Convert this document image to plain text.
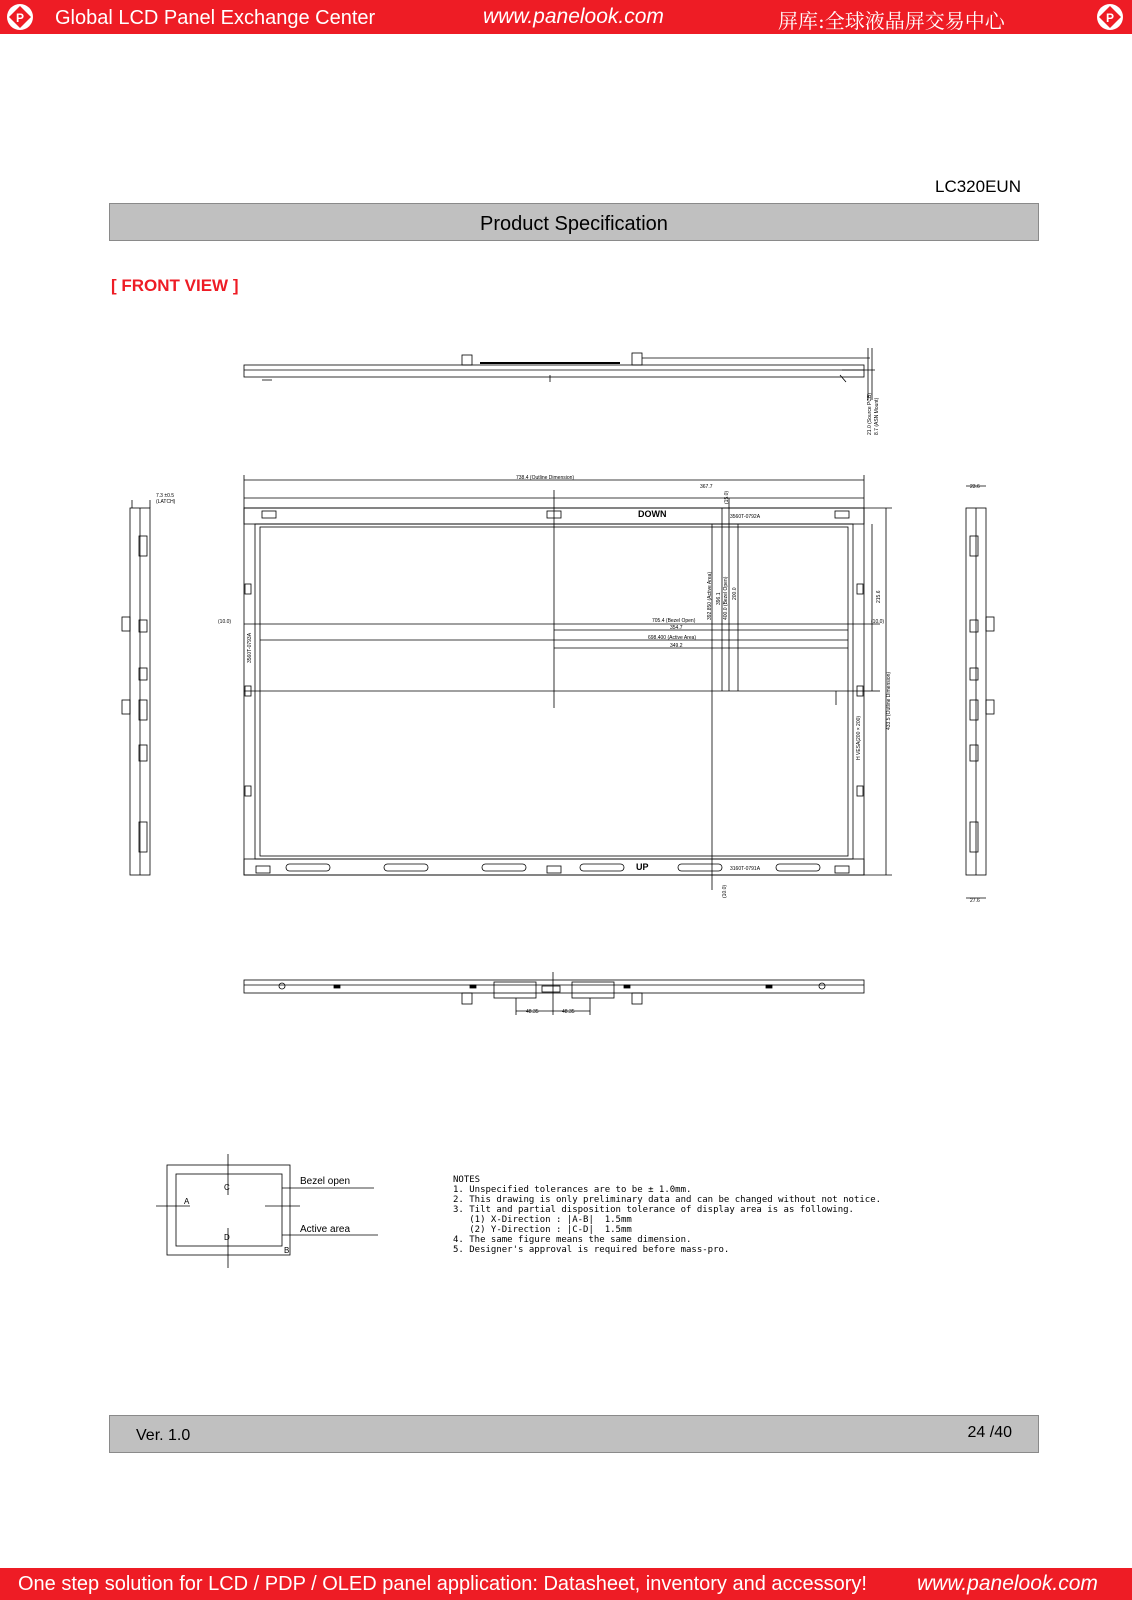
P Global LCD Panel Exchange Center	www.panelook.com	屏库:全球液晶屏交易中心	P
LC320EUN
Product Specification
[ FRONT VIEW ]
21.0 (Source PCB) 8.7 (ASN Mount)
DOWN
UP
3560T-0792A
3160T-0791A
3560T-0793A
738.4 (Outline Dimension)
367.7
(15.0)
392.850 (Active Area) 396.1 400.0 (Bezel Open) 200.0
705.4 (Bezel Open)
354.7
698.400 (Active Area)
349.2
(10.0)	(10.0)
215.6
433.5 (Outline Dimension)
H VESA(200 × 200)
(10.0)
7.3 ±0.5
(LATCH)
23.6
27.6
48.35	48.35
Bezel open
Active area
A
B
C
D
NOTES
1. Unspecified tolerances are to be ± 1.0mm.
2. This drawing is only preliminary data and can be changed without not notice.
3. Tilt and partial disposition tolerance of display area is as following.
(1) X-Direction : |A-B|  1.5mm
(2) Y-Direction : |C-D|  1.5mm
4. The same figure means the same dimension.
5. Designer's approval is required before mass-pro.
Ver. 1.0	24 /40
One step solution for LCD / PDP / OLED panel application: Datasheet, inventory and accessory! www.panelook.com
